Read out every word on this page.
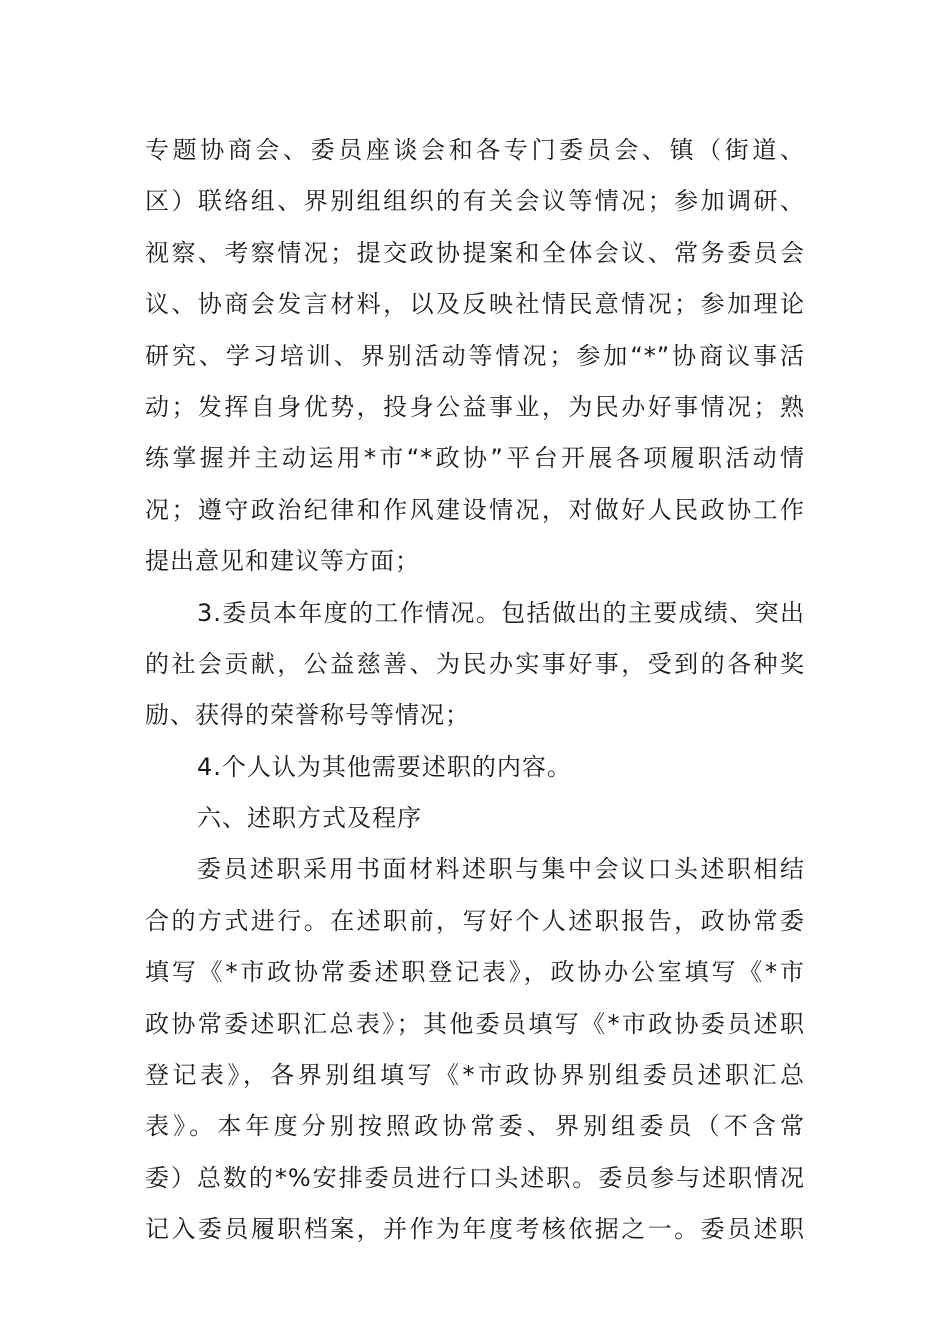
专题协商会、委员座谈会和各专门委员会、镇（街道、
区）联络组、界别组组织的有关会议等情况；参加调研、
视察、考察情况；提交政协提案和全体会议、常务委员会
议、协商会发言材料，以及反映社情民意情况；参加理论
研究、学习培训、界别活动等情况；参加“*”协商议事活
动；发挥自身优势，投身公益事业，为民办好事情况；熟
练掌握并主动运用*市“*政协”平台开展各项履职活动情
况；遵守政治纪律和作风建设情况，对做好人民政协工作
提出意见和建议等方面；
3.委员本年度的工作情况。包括做出的主要成绩、突出
的社会贡献，公益慈善、为民办实事好事，受到的各种奖
励、获得的荣誉称号等情况；
4.个人认为其他需要述职的内容。
六、述职方式及程序
委员述职采用书面材料述职与集中会议口头述职相结
合的方式进行。在述职前，写好个人述职报告，政协常委
填写《*市政协常委述职登记表》，政协办公室填写《*市
政协常委述职汇总表》；其他委员填写《*市政协委员述职
登记表》，各界别组填写《*市政协界别组委员述职汇总
表》。本年度分别按照政协常委、界别组委员（不含常
委）总数的*%安排委员进行口头述职。委员参与述职情况
记入委员履职档案，并作为年度考核依据之一。委员述职
